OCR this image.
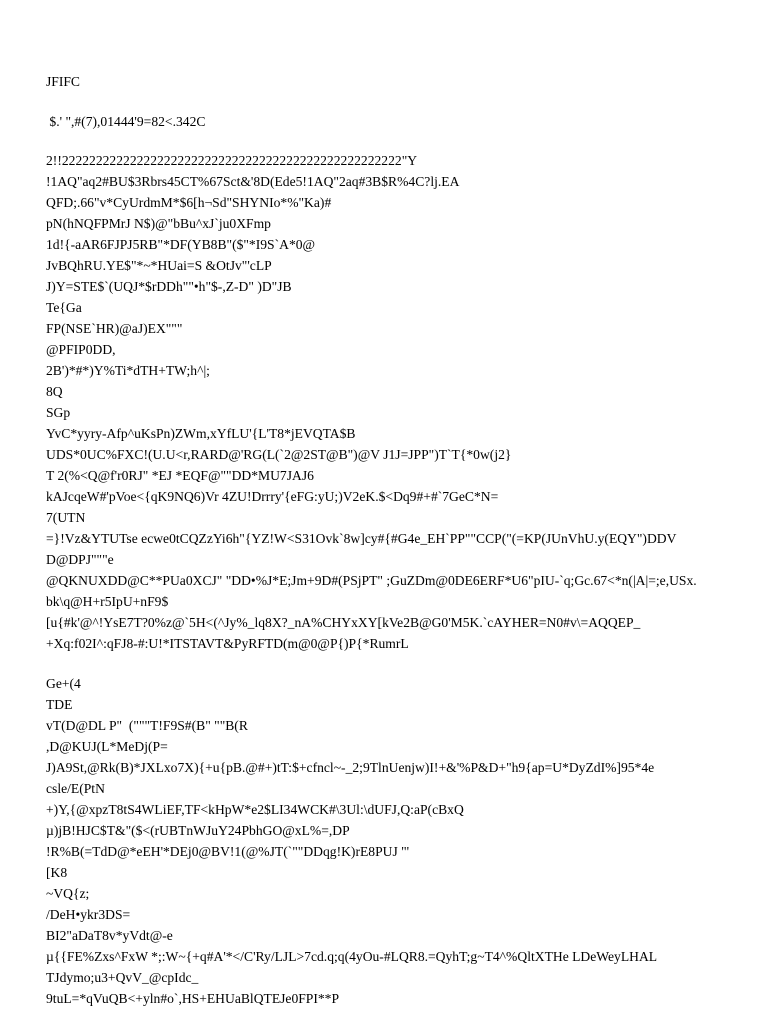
JFIFC
$.' ",#(7),01444'9=82<.342C
2!!22222222222222222222222222222222222222222222222222"Y
!1AQ"aq2#BU$3Rbrs45CT%67Sct&'8D(Ede5!1AQ"2aq#3B$R%4C?lj.EA
QFD;.66"v*CyUrdmM*$6[h¬Sd"SHYNIo*%"Ka)#
pN(hNQFPMrJ N$)@"bBu^xJ`ju0XFmp
1d!{-aAR6FJPJ5RB"*DF(YB8B"($"*I9S`A*0@
JvBQhRU.YE$"*~*HUai=S &OtJv"'cLP
J)Y=STE$`(UQJ*$rDDh""•h"$-,Z-D" )D"JB
Te{Ga
FP(NSE`HR)@aJ)EX"""
@PFIP0DD,
2B')*#*)Y%Ti*dTH+TW;h^|;
8Q
SGp
YvC*yyry-Afp^uKsPn)ZWm,xYfLU'{L'T8*jEVQTA$B
UDS*0UC%FXC!(U.U<r,RARD@'RG(L(`2@2ST@B")@V J1J=JPP")T`T{*0w(j2}
T 2(%<Q@f'r0RJ" *EJ *EQF@""DD*MU7JAJ6
kAJcqeW#'pVoe<{qK9NQ6)Vr 4ZU!Drrry'{eFG:yU;)V2eK.$<Dq9#+#`7GeC*N=
7(UTN
=}!Vz&YTUTse ecwe0tCQZzYi6h"{YZ!W<S31Ovk`8w]cy#{#G4e_EH`PP""CCP("(=KP(JUnVhU.y(EQY")DDV
D@DPJ"""e
@QKNUXDD@C**PUa0XCJ" "DD•%J*E;Jm+9D#(PSjPT" ;GuZDm@0DE6ERF*U6"pIU-`q;Gc.67<*n(|A|=;e,USx.
bk\q@H+r5IpU+nF9$
[u{#k'@^!YsE7T?0%z@`5H<(^Jy%_lq8X?_nA%CHYxXY[kVe2B@G0'M5K.`cAYHER=N0#v\=AQQEP_
+Xq:f02I^:qFJ8-#:U!*ITSTAVT&PyRFTD(m@0@P{)P{*RumrL
Ge+(4
TDE
vT(D@DL P"  ("""T!F9S#(B" ""B(R
,D@KUJ(L*MeDj(P=
J)A9St,@Rk(B)*JXLxo7X){+u{pB.@#+)tT:$+cfncl~-_2;9TlnUenjw)I!+&'%P&D+"h9{ap=U*DyZdI%]95*4e
csle/E(PtN
+)Y,{@xpzT8tS4WLiEF,TF<kHpW*e2$LI34WCK#\3Ul:\dUFJ,Q:aP(cBxQ
µ)jB!HJC$T&"($<(rUBTnWJuY24PbhGO@xL%=,DP
!R%B(=TdD@*eEH'*DEj0@BV!1(@%JT(`""DDqg!K)rE8PUJ "'
[K8
~VQ{z;
/DeH•ykr3DS=
BI2"aDaT8v*yVdt@-e
µ{{FE%Zxs^FxW *;:W~{+q#A'*</C'Ry/LJL>7cd.q;q(4yOu-#LQR8.=QyhT;g~T4^%QltXTHe LDeWeyLHAL
TJdymo;u3+QvV_@cpIdc_
9tuL=*qVuQB<+yln#o`,HS+EHUaBlQTEJe0FPI**P
